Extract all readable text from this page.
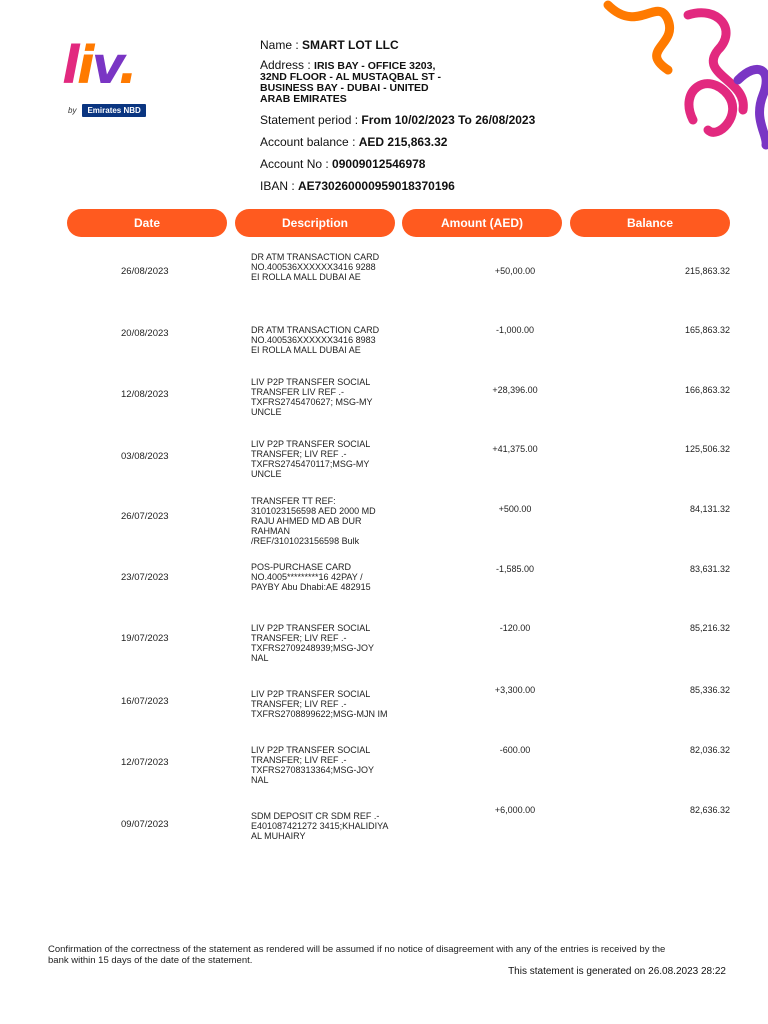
liv.
by	Emirates NBD
Name : SMART LOT LLC
Address : IRIS BAY - OFFICE 3203,
32ND FLOOR - AL MUSTAQBAL ST -
BUSINESS BAY - DUBAI - UNITED
ARAB EMIRATES
Statement period : From 10/02/2023 To 26/08/2023
Account balance : AED 215,863.32
Account No : 09009012546978
IBAN : AE730260000959018370196
Date	Description	Amount (AED)	Balance
26/08/2023
DR ATM TRANSACTION CARD
NO.400536XXXXXX3416 9288
EI ROLLA MALL DUBAI AE
+50,00.00	215,863.32
20/08/2023	DR ATM TRANSACTION CARD
NO.400536XXXXXX3416 8983
EI ROLLA MALL DUBAI AE
-1,000.00	165,863.32
12/08/2023
LIV P2P TRANSFER SOCIAL
TRANSFER LIV REF .-
TXFRS2745470627; MSG-MY
UNCLE
+28,396.00	166,863.32
03/08/2023
LIV P2P TRANSFER SOCIAL
TRANSFER; LIV REF .-
TXFRS2745470117;MSG-MY
UNCLE
+41,375.00	125,506.32
26/07/2023
TRANSFER TT REF:
3101023156598 AED 2000 MD
RAJU AHMED MD AB DUR
RAHMAN
/REF/3101023156598 Bulk
+500.00	84,131.32
23/07/2023
POS-PURCHASE CARD
NO.4005*********16 42PAY /
PAYBY Abu Dhabi:AE 482915
-1,585.00	83,631.32
19/07/2023
LIV P2P TRANSFER SOCIAL
TRANSFER; LIV REF .-
TXFRS2709248939;MSG-JOY
NAL
-120.00	85,216.32
16/07/2023
LIV P2P TRANSFER SOCIAL
TRANSFER; LIV REF .-
TXFRS2708899622;MSG-MJN IM
+3,300.00	85,336.32
12/07/2023
LIV P2P TRANSFER SOCIAL
TRANSFER; LIV REF .-
TXFRS2708313364;MSG-JOY
NAL
-600.00	82,036.32
09/07/2023
SDM DEPOSIT CR SDM REF .-
E401087421272 3415;KHALIDIYA
AL MUHAIRY
+6,000.00	82,636.32
Confirmation of the correctness of the statement as rendered will be assumed if no notice of disagreement with any of the entries is received by the
bank within 15 days of the date of the statement.
This statement is generated on 26.08.2023 28:22
